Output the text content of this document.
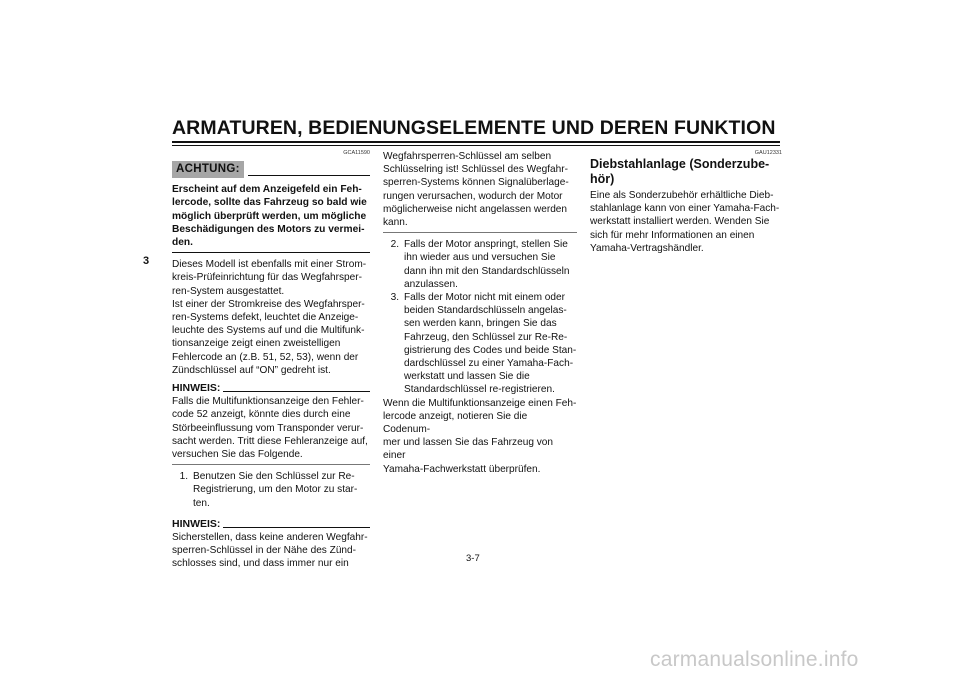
ARMATUREN, BEDIENUNGSELEMENTE UND DEREN FUNKTION
3

GCA11590

ACHTUNG:

Erscheint auf dem Anzeigefeld ein Feh-
lercode, sollte das Fahrzeug so bald wie
möglich überprüft werden, um mögliche
Beschädigungen des Motors zu vermei-
den.

Dieses Modell ist ebenfalls mit einer Strom-
kreis-Prüfeinrichtung für das Wegfahrsper-
ren-System ausgestattet.
Ist einer der Stromkreise des Wegfahrsper-
ren-Systems defekt, leuchtet die Anzeige-
leuchte des Systems auf und die Multifunk-
tionsanzeige zeigt einen zweistelligen
Fehlercode an (z.B. 51, 52, 53), wenn der
Zündschlüssel auf “ON” gedreht ist.

HINWEIS:

Falls die Multifunktionsanzeige den Fehler-
code 52 anzeigt, könnte dies durch eine
Störbeeinflussung vom Transponder verur-
sacht werden. Tritt diese Fehleranzeige auf,
versuchen Sie das Folgende.

1. Benutzen Sie den Schlüssel zur Re-
Registrierung, um den Motor zu star-
ten.
HINWEIS:

Sicherstellen, dass keine anderen Wegfahr-
sperren-Schlüssel in der Nähe des Zünd-
schlosses sind, und dass immer nur ein

Wegfahrsperren-Schlüssel am selben
Schlüsselring ist! Schlüssel des Wegfahr-
sperren-Systems können Signalüberlage-
rungen verursachen, wodurch der Motor
möglicherweise nicht angelassen werden
kann.

2. Falls der Motor anspringt, stellen Sie
ihn wieder aus und versuchen Sie
dann ihn mit den Standardschlüsseln
anzulassen.
3. Falls der Motor nicht mit einem oder
beiden Standardschlüsseln angelas-
sen werden kann, bringen Sie das
Fahrzeug, den Schlüssel zur Re-Re-
gistrierung des Codes und beide Stan-
dardschlüssel zu einer Yamaha-Fach-
werkstatt und lassen Sie die
Standardschlüssel re-registrieren.

Wenn die Multifunktionsanzeige einen Feh-
lercode anzeigt, notieren Sie die Codenum-
mer und lassen Sie das Fahrzeug von einer
Yamaha-Fachwerkstatt überprüfen.

GAU12331

Diebstahlanlage (Sonderzube-
hör)

Eine als Sonderzubehör erhältliche Dieb-
stahlanlage kann von einer Yamaha-Fach-
werkstatt installiert werden. Wenden Sie
sich für mehr Informationen an einen
Yamaha-Vertragshändler.

3-7
carmanualsonline.info
